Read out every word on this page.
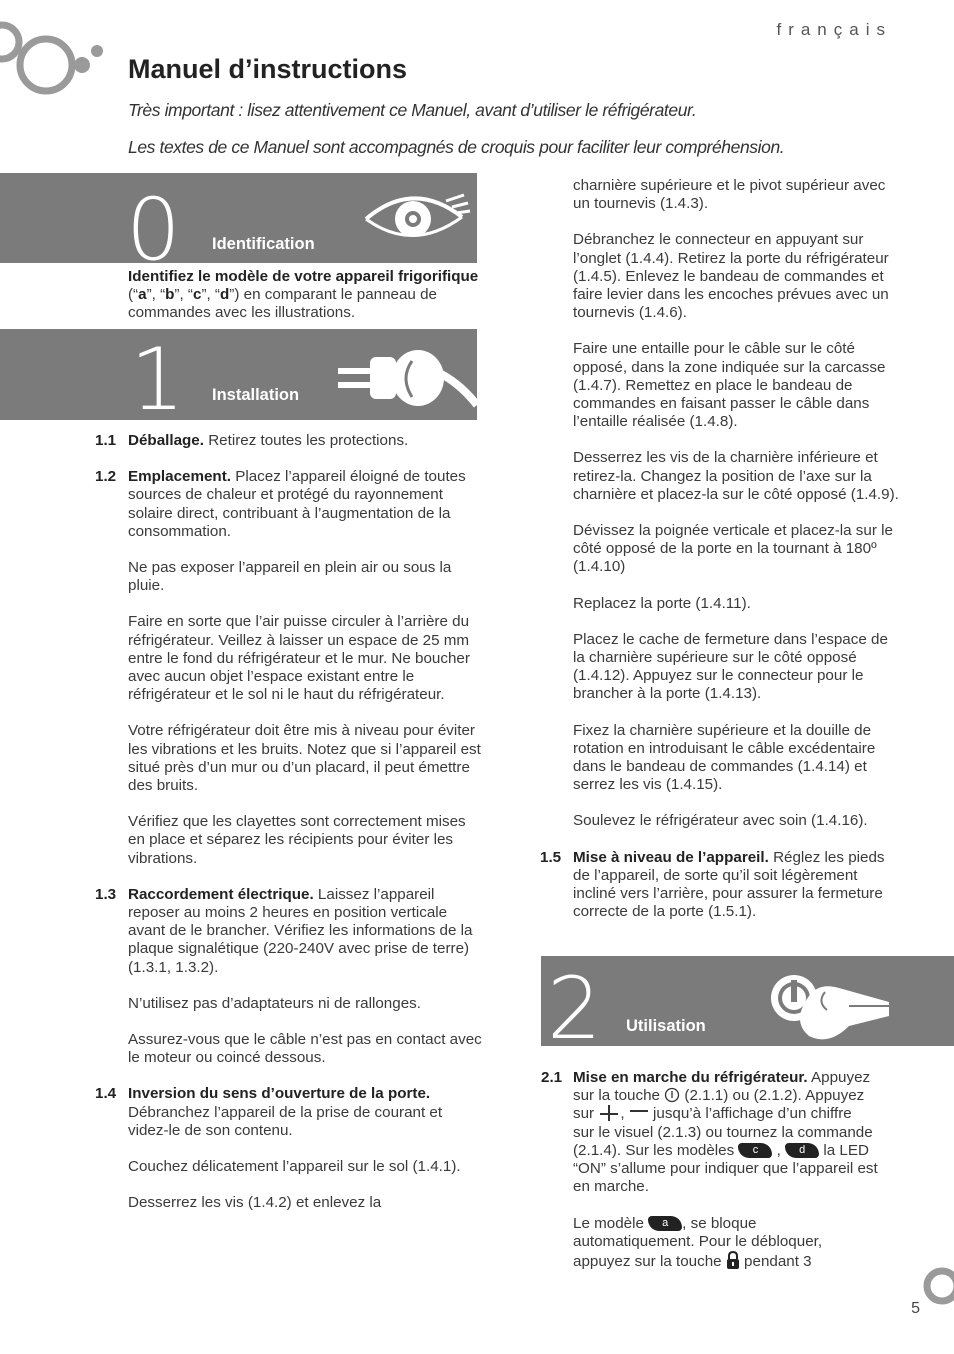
français
Manuel d’instructions
Très important : lisez attentivement ce Manuel, avant d’utiliser le réfrigérateur.
Les textes de ce Manuel sont accompagnés de croquis pour faciliter leur compréhension.
0 Identification
Identifiez le modèle de votre appareil frigorifique
(“a”, “b”, “c”, “d”) en comparant le panneau de
commandes avec les illustrations.
1 Installation
1.1 Déballage. Retirez toutes les protections.
1.2 Emplacement. Placez l’appareil éloigné de toutes sources de chaleur et protégé du rayonnement solaire direct, contribuant à l’augmentation de la consommation.
Ne pas exposer l’appareil en plein air ou sous la pluie.
Faire en sorte que l’air puisse circuler à l’arrière du réfrigérateur. Veillez à laisser un espace de 25 mm entre le fond du réfrigérateur et le mur. Ne boucher avec aucun objet l’espace existant entre le réfrigérateur et le sol ni le haut du réfrigérateur.
Votre réfrigérateur doit être mis à niveau pour éviter les vibrations et les bruits. Notez que si l’appareil est situé près d’un mur ou d’un placard, il peut émettre des bruits.
Vérifiez que les clayettes sont correctement mises en place et séparez les récipients pour éviter les vibrations.
1.3 Raccordement électrique. Laissez l’appareil reposer au moins 2 heures en position verticale avant de le brancher. Vérifiez les informations de la plaque signalétique (220-240V avec prise de terre) (1.3.1, 1.3.2).
N’utilisez pas d’adaptateurs ni de rallonges.
Assurez-vous que le câble n’est pas en contact avec le moteur ou coincé dessous.
1.4 Inversion du sens d’ouverture de la porte. Débranchez l’appareil de la prise de courant et videz-le de son contenu.
Couchez délicatement l’appareil sur le sol (1.4.1).
Desserrez les vis (1.4.2) et enlevez la
charnière supérieure et le pivot supérieur avec un tournevis (1.4.3).
Débranchez le connecteur en appuyant sur l’onglet (1.4.4). Retirez la porte du réfrigérateur (1.4.5). Enlevez le bandeau de commandes et faire levier dans les encoches prévues avec un tournevis (1.4.6).
Faire une entaille pour le câble sur le côté opposé, dans la zone indiquée sur la carcasse (1.4.7). Remettez en place le bandeau de commandes en faisant passer le câble dans l’entaille réalisée (1.4.8).
Desserrez les vis de la charnière inférieure et retirez-la. Changez la position de l’axe sur la charnière et placez-la sur le côté opposé (1.4.9).
Dévissez la poignée verticale et placez-la sur le côté opposé de la porte en la tournant à 180º (1.4.10)
Replacez la porte (1.4.11).
Placez le cache de fermeture dans l’espace de la charnière supérieure sur le côté opposé (1.4.12). Appuyez sur le connecteur pour le brancher à la porte (1.4.13).
Fixez la charnière supérieure et la douille de rotation en introduisant le câble excédentaire dans le bandeau de commandes (1.4.14) et serrez les vis (1.4.15).
Soulevez le réfrigérateur avec soin (1.4.16).
1.5 Mise à niveau de l’appareil. Réglez les pieds de l’appareil, de sorte qu’il soit légèrement incliné vers l’arrière, pour assurer la fermeture correcte de la porte (1.5.1).
2 Utilisation
2.1 Mise en marche du réfrigérateur. Appuyez
sur la touche  (2.1.1) ou (2.1.2). Appuyez
sur ,  jusqu’à l’affichage d’un chiffre
sur le visuel (2.1.3) ou tournez la commande
(2.1.4). Sur les modèles c , d la LED
“ON” s’allume pour indiquer que l’appareil est
en marche.

Le modèle a , se bloque
automatiquement. Pour le débloquer,
appuyez sur la touche  pendant 3
5
